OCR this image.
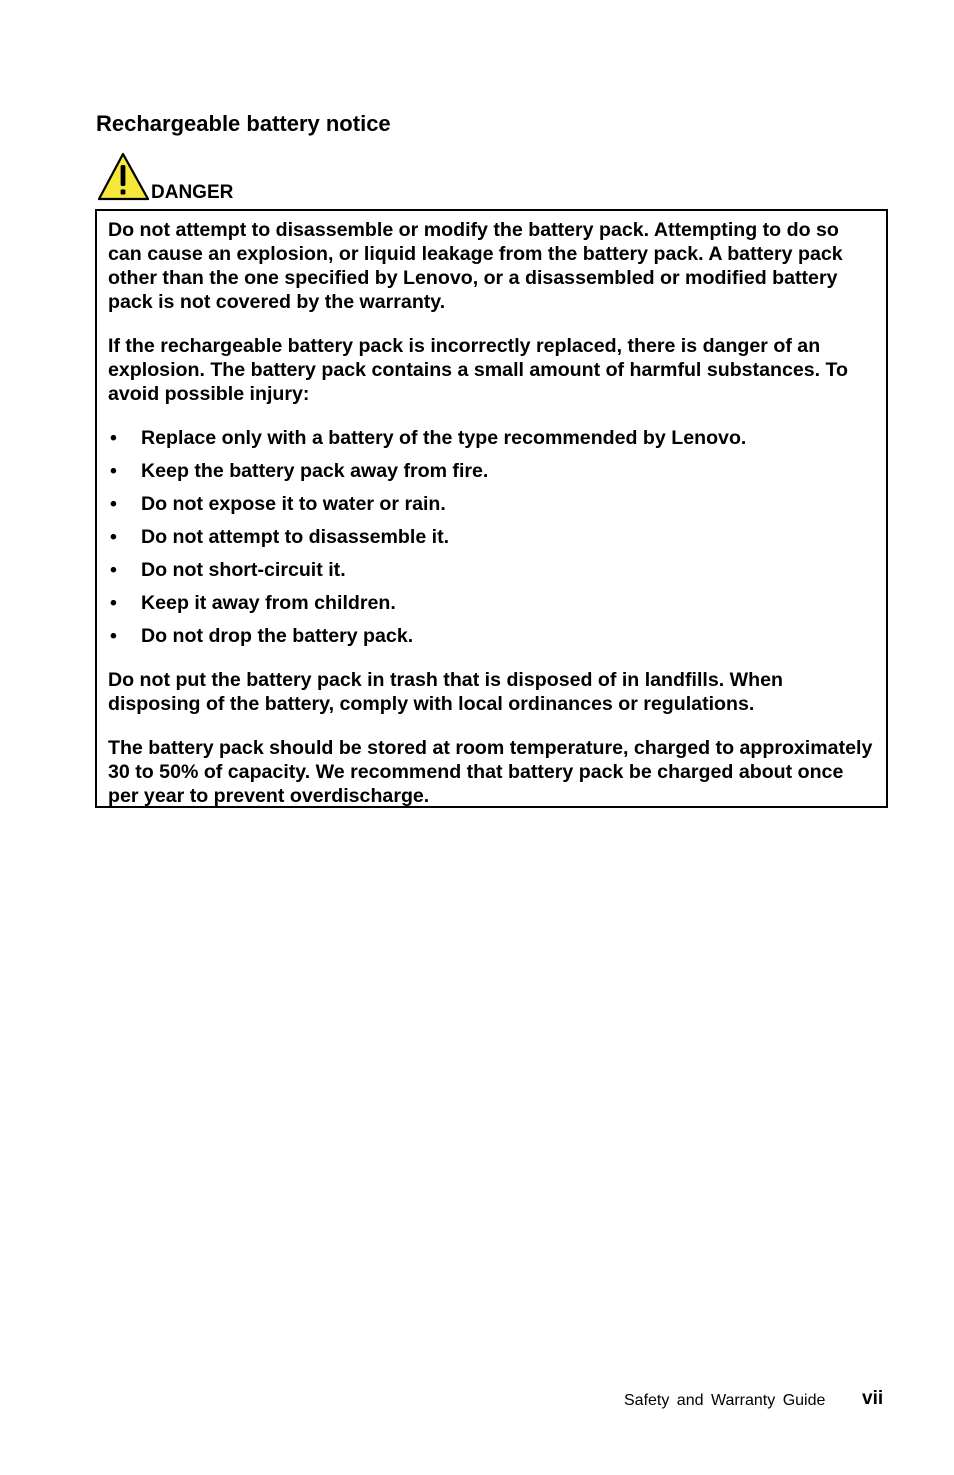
Rechargeable battery notice
DANGER

Do not attempt to disassemble or modify the battery pack. Attempting to do so can cause an explosion, or liquid leakage from the battery pack. A battery pack other than the one specified by Lenovo, or a disassembled or modified battery pack is not covered by the warranty.

If the rechargeable battery pack is incorrectly replaced, there is danger of an explosion. The battery pack contains a small amount of harmful substances. To avoid possible injury:

• Replace only with a battery of the type recommended by Lenovo.
• Keep the battery pack away from fire.
• Do not expose it to water or rain.
• Do not attempt to disassemble it.
• Do not short-circuit it.
• Keep it away from children.
• Do not drop the battery pack.

Do not put the battery pack in trash that is disposed of in landfills. When disposing of the battery, comply with local ordinances or regulations.

The battery pack should be stored at room temperature, charged to approximately 30 to 50% of capacity. We recommend that battery pack be charged about once per year to prevent overdischarge.

Safety and Warranty Guide vii
